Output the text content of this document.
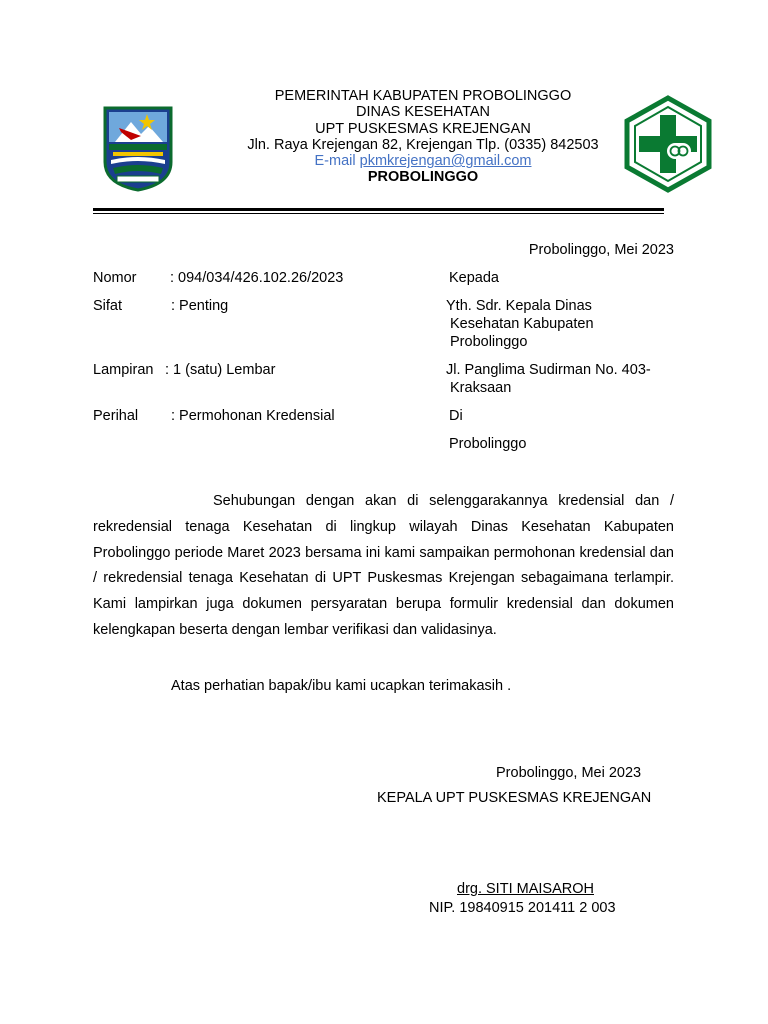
PEMERINTAH KABUPATEN PROBOLINGGO
DINAS KESEHATAN
UPT PUSKESMAS KREJENGAN
Jln. Raya Krejengan 82, Krejengan Tlp. (0335) 842503
E-mail pkmkrejengan@gmail.com
PROBOLINGGO
Probolinggo, Mei 2023
Nomor : 094/034/426.102.26/2023
Sifat	: Penting
Lampiran : 1 (satu) Lembar
Perihal : Permohonan Kredensial
Kepada
Yth. Sdr. Kepala Dinas
Kesehatan Kabupaten
Probolinggo
Jl. Panglima Sudirman No. 403-
Kraksaan
Di
Probolinggo
Sehubungan dengan akan di selenggarakannya kredensial dan / rekredensial tenaga Kesehatan di lingkup wilayah Dinas Kesehatan Kabupaten Probolinggo periode Maret 2023 bersama ini kami sampaikan permohonan kredensial dan / rekredensial tenaga Kesehatan di UPT Puskesmas Krejengan sebagaimana terlampir. Kami lampirkan juga dokumen persyaratan berupa formulir kredensial dan dokumen kelengkapan beserta dengan lembar verifikasi dan validasinya.
Atas perhatian bapak/ibu kami ucapkan terimakasih .
Probolinggo, Mei 2023
KEPALA UPT PUSKESMAS KREJENGAN
drg. SITI MAISAROH
NIP. 19840915 201411 2 003
